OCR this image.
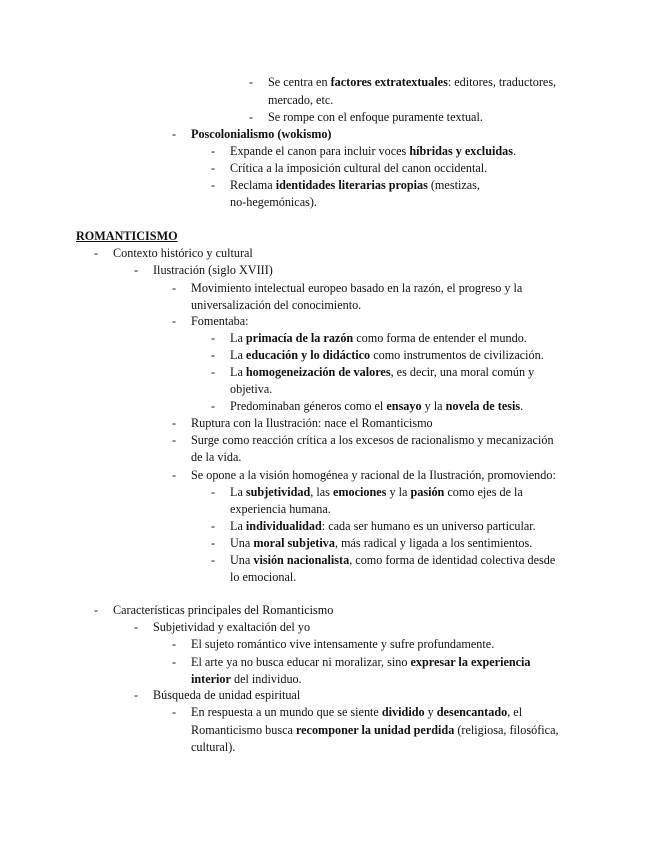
ROMANTICISMO
- Se centra en factores extratextuales: editores, traductores,
mercado, etc.
- Se rompe con el enfoque puramente textual.
- Poscolonialismo (wokismo)
- Expande el canon para incluir voces híbridas y excluidas.
- Crítica a la imposición cultural del canon occidental.
- Reclama identidades literarias propias (mestizas,
no-hegemónicas).
- Contexto histórico y cultural
- Ilustración (siglo XVIII)
- Movimiento intelectual europeo basado en la razón, el progreso y la
universalización del conocimiento.
- Fomentaba:
- La primacía de la razón como forma de entender el mundo.
- La educación y lo didáctico como instrumentos de civilización.
- La homogeneización de valores, es decir, una moral común y
objetiva.
- Predominaban géneros como el ensayo y la novela de tesis.
- Ruptura con la Ilustración: nace el Romanticismo
- Surge como reacción crítica a los excesos de racionalismo y mecanización
de la vida.
- Se opone a la visión homogénea y racional de la Ilustración, promoviendo:
- La subjetividad, las emociones y la pasión como ejes de la
experiencia humana.
- La individualidad: cada ser humano es un universo particular.
- Una moral subjetiva, más radical y ligada a los sentimientos.
- Una visión nacionalista, como forma de identidad colectiva desde
lo emocional.
- Características principales del Romanticismo
- Subjetividad y exaltación del yo
- El sujeto romántico vive intensamente y sufre profundamente.
- El arte ya no busca educar ni moralizar, sino expresar la experiencia
interior del individuo.
- Búsqueda de unidad espiritual
- En respuesta a un mundo que se siente dividido y desencantado, el
Romanticismo busca recomponer la unidad perdida (religiosa, filosófica,
cultural).
